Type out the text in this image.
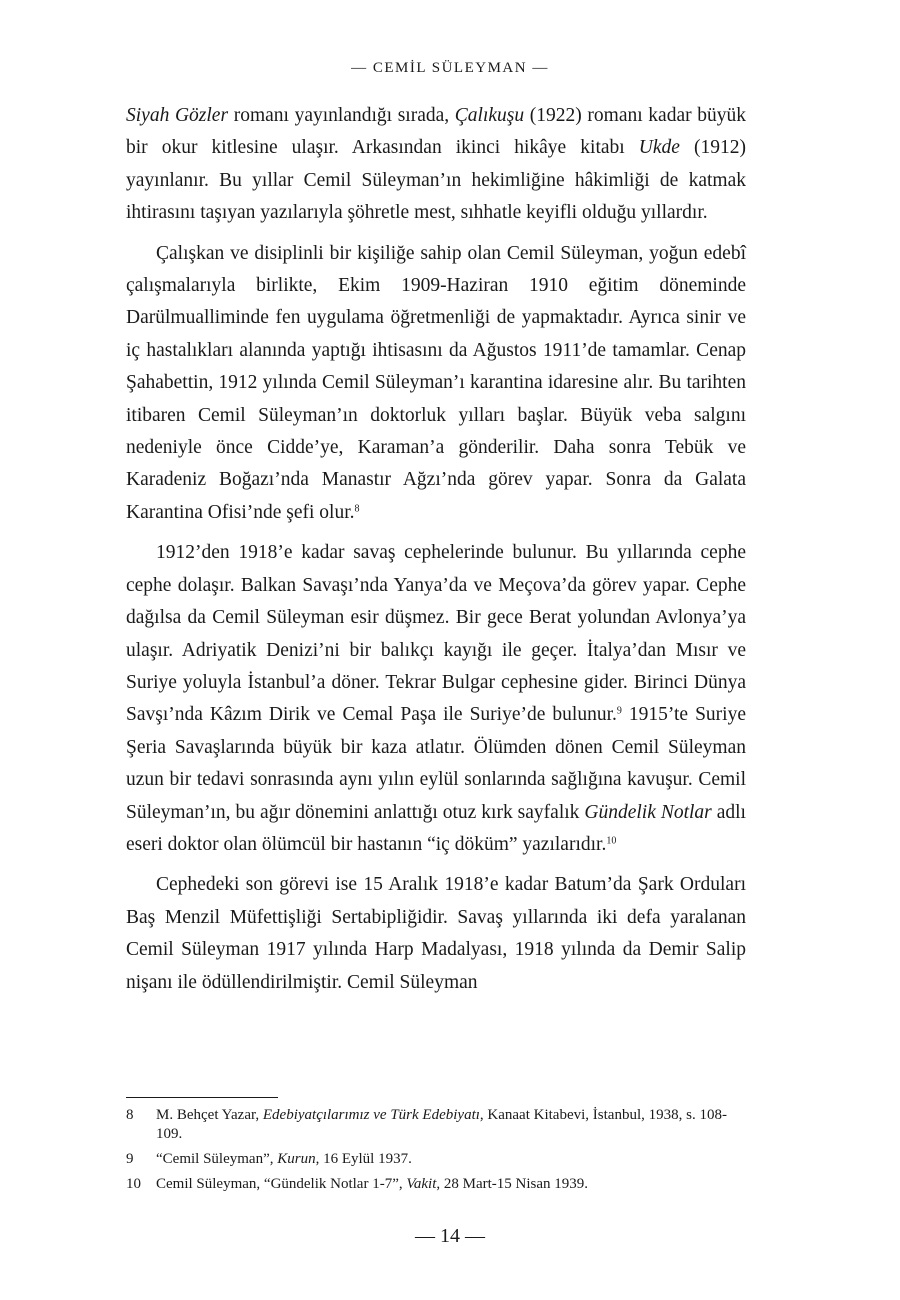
— CEMİL SÜLEYMAN —

Siyah Gözler romanı yayınlandığı sırada, Çalıkuşu (1922) romanı kadar büyük bir okur kitlesine ulaşır. Arkasından ikinci hikâye kitabı Ukde (1912) yayınlanır. Bu yıllar Cemil Süleyman’ın hekimliğine hâkimliği de katmak ihtirasını taşıyan yazılarıyla şöhretle mest, sıhhatle keyifli olduğu yıllardır.

Çalışkan ve disiplinli bir kişiliğe sahip olan Cemil Süleyman, yoğun edebî çalışmalarıyla birlikte, Ekim 1909-Haziran 1910 eğitim döneminde Darülmualliminde fen uygulama öğretmenliği de yapmaktadır. Ayrıca sinir ve iç hastalıkları alanında yaptığı ihtisasını da Ağustos 1911’de tamamlar. Cenap Şahabettin, 1912 yılında Cemil Süleyman’ı karantina idaresine alır. Bu tarihten itibaren Cemil Süleyman’ın doktorluk yılları başlar. Büyük veba salgını nedeniyle önce Cidde’ye, Karaman’a gönderilir. Daha sonra Tebük ve Karadeniz Boğazı’nda Manastır Ağzı’nda görev yapar. Sonra da Galata Karantina Ofisi’nde şefi olur.$^8$

1912’den 1918’e kadar savaş cephelerinde bulunur. Bu yıllarında cephe cephe dolaşır. Balkan Savaşı’nda Yanya’da ve Meçova’da görev yapar. Cephe dağılsa da Cemil Süleyman esir düşmez. Bir gece Berat yolundan Avlonya’ya ulaşır. Adriyatik Denizi’ni bir balıkçı kayığı ile geçer. İtalya’dan Mısır ve Suriye yoluyla İstanbul’a döner. Tekrar Bulgar cephesine gider. Birinci Dünya Savşı’nda Kâzım Dirik ve Cemal Paşa ile Suriye’de bulunur.$^9$ 1915’te Suriye Şeria Savaşlarında büyük bir kaza atlatır. Ölümden dönen Cemil Süleyman uzun bir tedavi sonrasında aynı yılın eylül sonlarında sağlığına kavuşur. Cemil Süleyman’ın, bu ağır dönemini anlattığı otuz kırk sayfalık Gündelik Notlar adlı eseri doktor olan ölümcül bir hastanın “iç döküm” yazılarıdır.$^{10}$

Cephedeki son görevi ise 15 Aralık 1918’e kadar Batum’da Şark Orduları Baş Menzil Müfettişliği Sertabipliğidir. Savaş yıllarında iki defa yaralanan Cemil Süleyman 1917 yılında Harp Madalyası, 1918 yılında da Demir Salip nişanı ile ödüllendirilmiştir. Cemil Süleyman

8	M. Behçet Yazar, Edebiyatçılarımız ve Türk Edebiyatı, Kanaat Kitabevi, İstanbul, 1938, s. 108-109.
9	“Cemil Süleyman”, Kurun, 16 Eylül 1937.
10	Cemil Süleyman, “Gündelik Notlar 1-7”, Vakit, 28 Mart-15 Nisan 1939.
— 14 —
